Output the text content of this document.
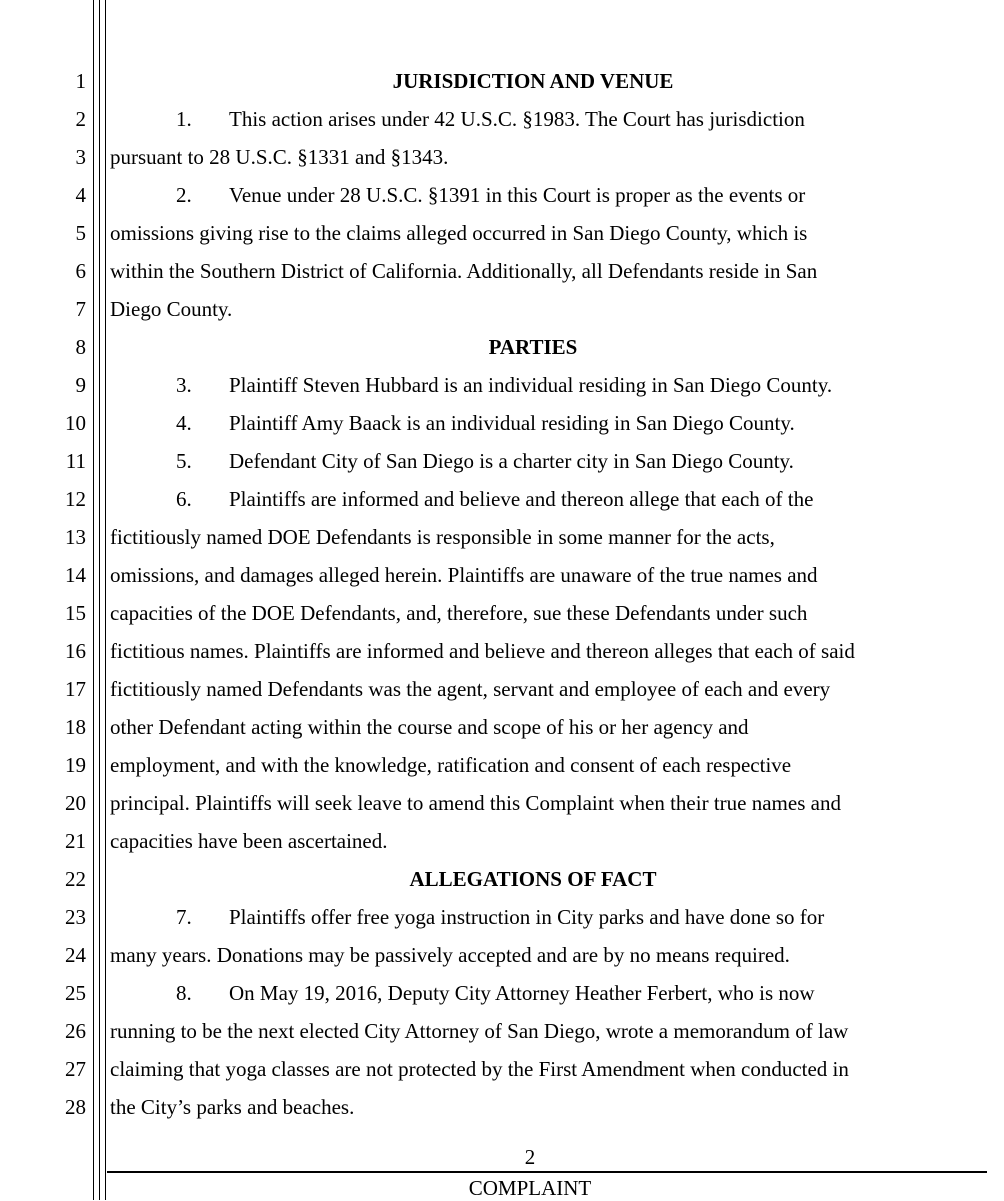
1
2
3
4
5
6
7
8
9
10
11
12
13
14
15
16
17
18
19
20
21
22
23
24
25
26
27
28
JURISDICTION AND VENUE
1. This action arises under 42 U.S.C. §1983. The Court has jurisdiction
pursuant to 28 U.S.C. §1331 and §1343.
2. Venue under 28 U.S.C. §1391 in this Court is proper as the events or
omissions giving rise to the claims alleged occurred in San Diego County, which is
within the Southern District of California. Additionally, all Defendants reside in San
Diego County.
PARTIES
3. Plaintiff Steven Hubbard is an individual residing in San Diego County.
4. Plaintiff Amy Baack is an individual residing in San Diego County.
5. Defendant City of San Diego is a charter city in San Diego County.
6. Plaintiffs are informed and believe and thereon allege that each of the
fictitiously named DOE Defendants is responsible in some manner for the acts,
omissions, and damages alleged herein. Plaintiffs are unaware of the true names and
capacities of the DOE Defendants, and, therefore, sue these Defendants under such
fictitious names. Plaintiffs are informed and believe and thereon alleges that each of said
fictitiously named Defendants was the agent, servant and employee of each and every
other Defendant acting within the course and scope of his or her agency and
employment, and with the knowledge, ratification and consent of each respective
principal. Plaintiffs will seek leave to amend this Complaint when their true names and
capacities have been ascertained.
ALLEGATIONS OF FACT
7. Plaintiffs offer free yoga instruction in City parks and have done so for
many years. Donations may be passively accepted and are by no means required.
8. On May 19, 2016, Deputy City Attorney Heather Ferbert, who is now
running to be the next elected City Attorney of San Diego, wrote a memorandum of law
claiming that yoga classes are not protected by the First Amendment when conducted in
the City’s parks and beaches.
2
COMPLAINT
